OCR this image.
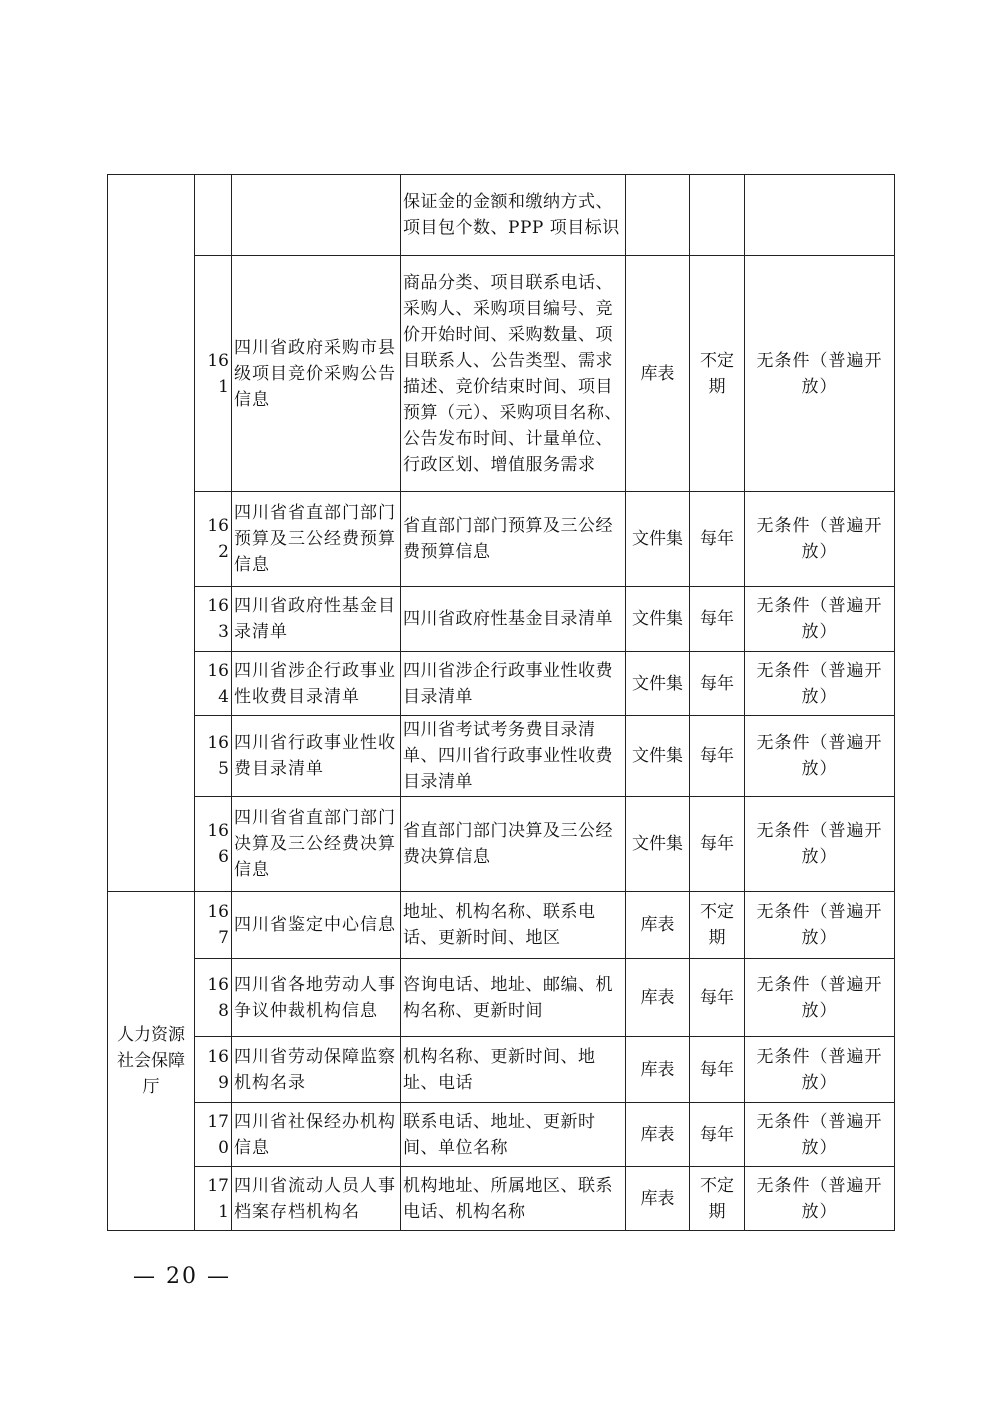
			保证金的金额和缴纳方式、项目包个数、PPP 项目标识			
	161	四川省政府采购市县级项目竞价采购公告信息	商品分类、项目联系电话、采购人、采购项目编号、竞价开始时间、采购数量、项目联系人、公告类型、需求描述、竞价结束时间、项目预算（元）、采购项目名称、公告发布时间、计量单位、行政区划、增值服务需求	库表	不定期	无条件（普遍开放）
	162	四川省省直部门部门预算及三公经费预算信息	省直部门部门预算及三公经费预算信息	文件集	每年	无条件（普遍开放）
	163	四川省政府性基金目录清单	四川省政府性基金目录清单	文件集	每年	无条件（普遍开放）
	164	四川省涉企行政事业性收费目录清单	四川省涉企行政事业性收费目录清单	文件集	每年	无条件（普遍开放）
	165	四川省行政事业性收费目录清单	四川省考试考务费目录清单、四川省行政事业性收费目录清单	文件集	每年	无条件（普遍开放）
	166	四川省省直部门部门决算及三公经费决算信息	省直部门部门决算及三公经费决算信息	文件集	每年	无条件（普遍开放）
人力资源社会保障厅	167	四川省鉴定中心信息	地址、机构名称、联系电话、更新时间、地区	库表	不定期	无条件（普遍开放）
	168	四川省各地劳动人事争议仲裁机构信息	咨询电话、地址、邮编、机构名称、更新时间	库表	每年	无条件（普遍开放）
	169	四川省劳动保障监察机构名录	机构名称、更新时间、地址、电话	库表	每年	无条件（普遍开放）
	170	四川省社保经办机构信息	联系电话、地址、更新时间、单位名称	库表	每年	无条件（普遍开放）
	171	四川省流动人员人事档案存档机构名	机构地址、所属地区、联系电话、机构名称	库表	不定期	无条件（普遍开放）
— 20 —
